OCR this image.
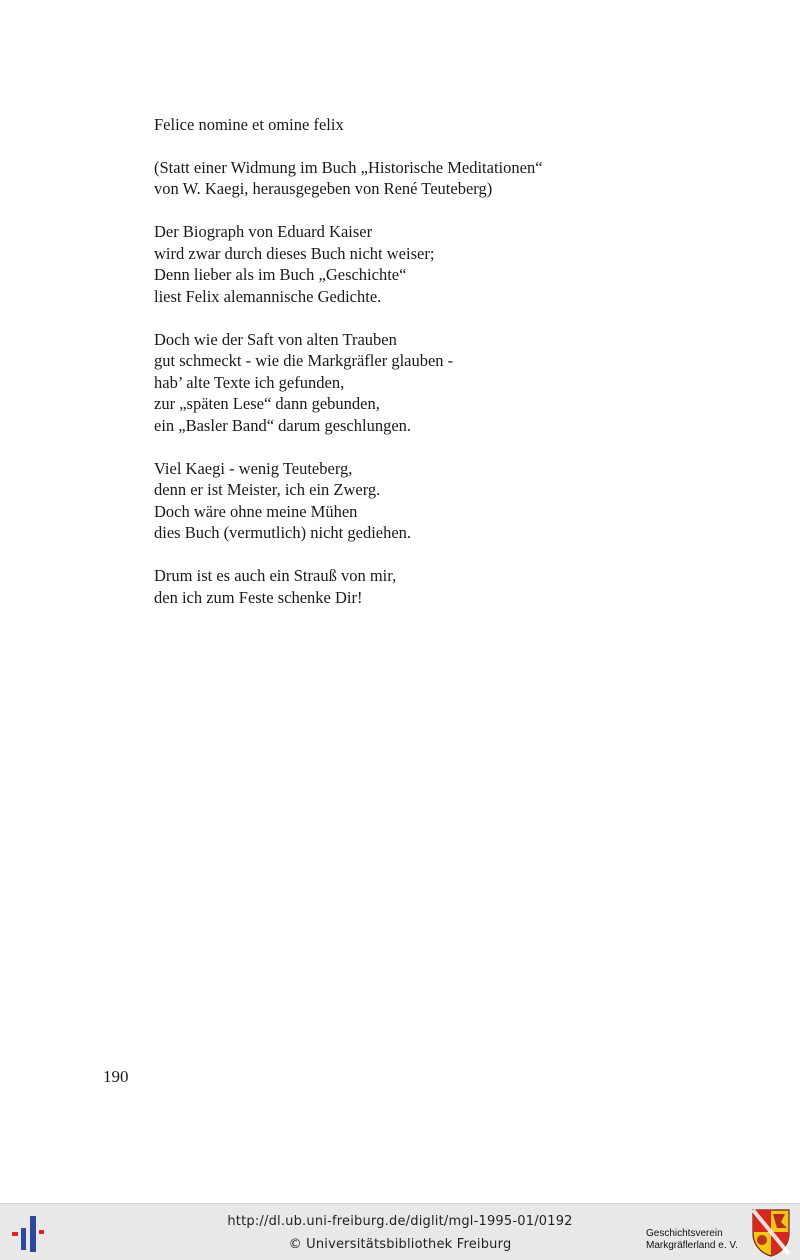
Felice nomine et omine felix
(Statt einer Widmung im Buch „Historische Meditationen“
von W. Kaegi, herausgegeben von René Teuteberg)
Der Biograph von Eduard Kaiser
wird zwar durch dieses Buch nicht weiser;
Denn lieber als im Buch „Geschichte“
liest Felix alemannische Gedichte.
Doch wie der Saft von alten Trauben
gut schmeckt - wie die Markgräfler glauben -
hab’ alte Texte ich gefunden,
zur „späten Lese“ dann gebunden,
ein „Basler Band“ darum geschlungen.
Viel Kaegi - wenig Teuteberg,
denn er ist Meister, ich ein Zwerg.
Doch wäre ohne meine Mühen
dies Buch (vermutlich) nicht gediehen.
Drum ist es auch ein Strauß von mir,
den ich zum Feste schenke Dir!
190
http://dl.ub.uni-freiburg.de/diglit/mgl-1995-01/0192
© Universitätsbibliothek Freiburg
Geschichtsverein
Markgräflerland e. V.
